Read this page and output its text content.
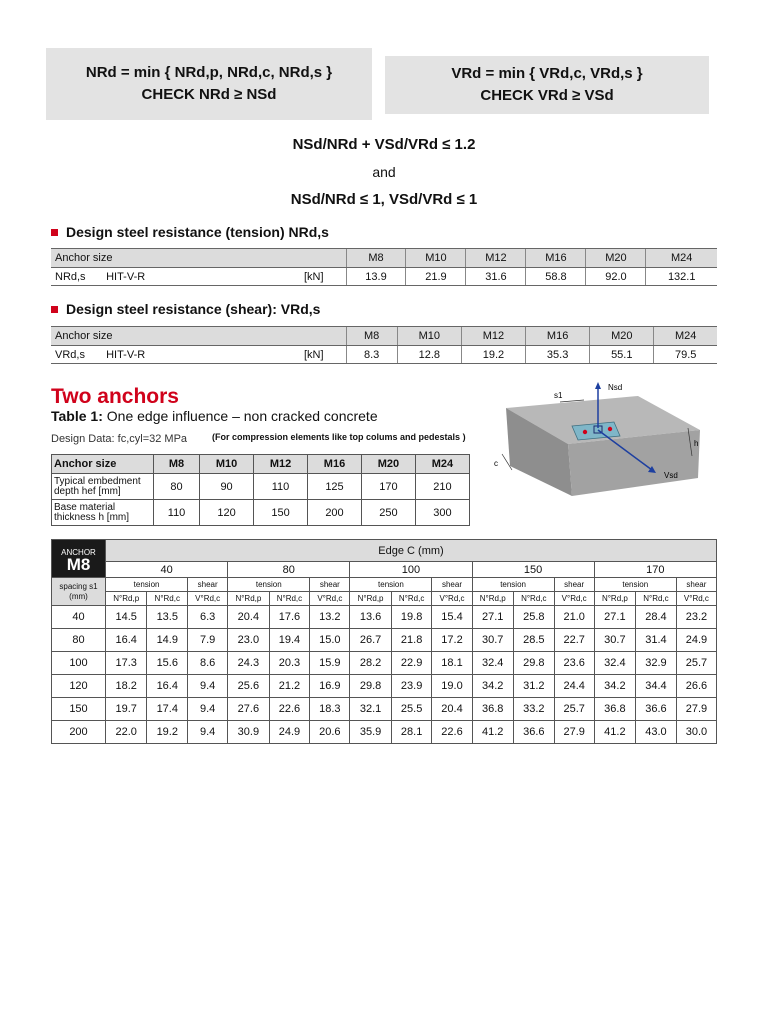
NRd = min { NRd,p, NRd,c, NRd,s }
CHECK NRd ≥ NSd
VRd = min { VRd,c, VRd,s }
CHECK VRd ≥ VSd
NSd/NRd + VSd/VRd ≤ 1.2
and
NSd/NRd ≤ 1, VSd/VRd ≤ 1
Design steel resistance (tension) NRd,s
Anchor size		M8	M10	M12	M16	M20	M24
NRd,s HIT-V-R	[kN]	13.9	21.9	31.6	58.8	92.0	132.1
Design steel resistance (shear): VRd,s
Anchor size		M8	M10	M12	M16	M20	M24
VRd,s HIT-V-R	[kN]	8.3	12.8	19.2	35.3	55.1	79.5
Two anchors
Table 1: One edge influence – non cracked concrete
Design Data: fc,cyl=32 MPa	(For compression elements like top colums and pedestals )
Anchor size	M8	M10	M12	M16	M20	M24
Typical embedment depth hef [mm]	80	90	110	125	170	210
Base material thickness h [mm]	110	120	150	200	250	300
s1
Nsd
h
c
Vsd
ANCHOR
M8	Edge C (mm)														
	40			80			100			150			170		
spacing s1 (mm)	tension		shear	tension		shear	tension		shear	tension		shear	tension		shear
	N°Rd,p	N°Rd,c	V°Rd,c	N°Rd,p	N°Rd,c	V°Rd,c	N°Rd,p	N°Rd,c	V°Rd,c	N°Rd,p	N°Rd,c	V°Rd,c	N°Rd,p	N°Rd,c	V°Rd,c
40	14.5	13.5	6.3	20.4	17.6	13.2	13.6	19.8	15.4	27.1	25.8	21.0	27.1	28.4	23.2
80	16.4	14.9	7.9	23.0	19.4	15.0	26.7	21.8	17.2	30.7	28.5	22.7	30.7	31.4	24.9
100	17.3	15.6	8.6	24.3	20.3	15.9	28.2	22.9	18.1	32.4	29.8	23.6	32.4	32.9	25.7
120	18.2	16.4	9.4	25.6	21.2	16.9	29.8	23.9	19.0	34.2	31.2	24.4	34.2	34.4	26.6
150	19.7	17.4	9.4	27.6	22.6	18.3	32.1	25.5	20.4	36.8	33.2	25.7	36.8	36.6	27.9
200	22.0	19.2	9.4	30.9	24.9	20.6	35.9	28.1	22.6	41.2	36.6	27.9	41.2	43.0	30.0
